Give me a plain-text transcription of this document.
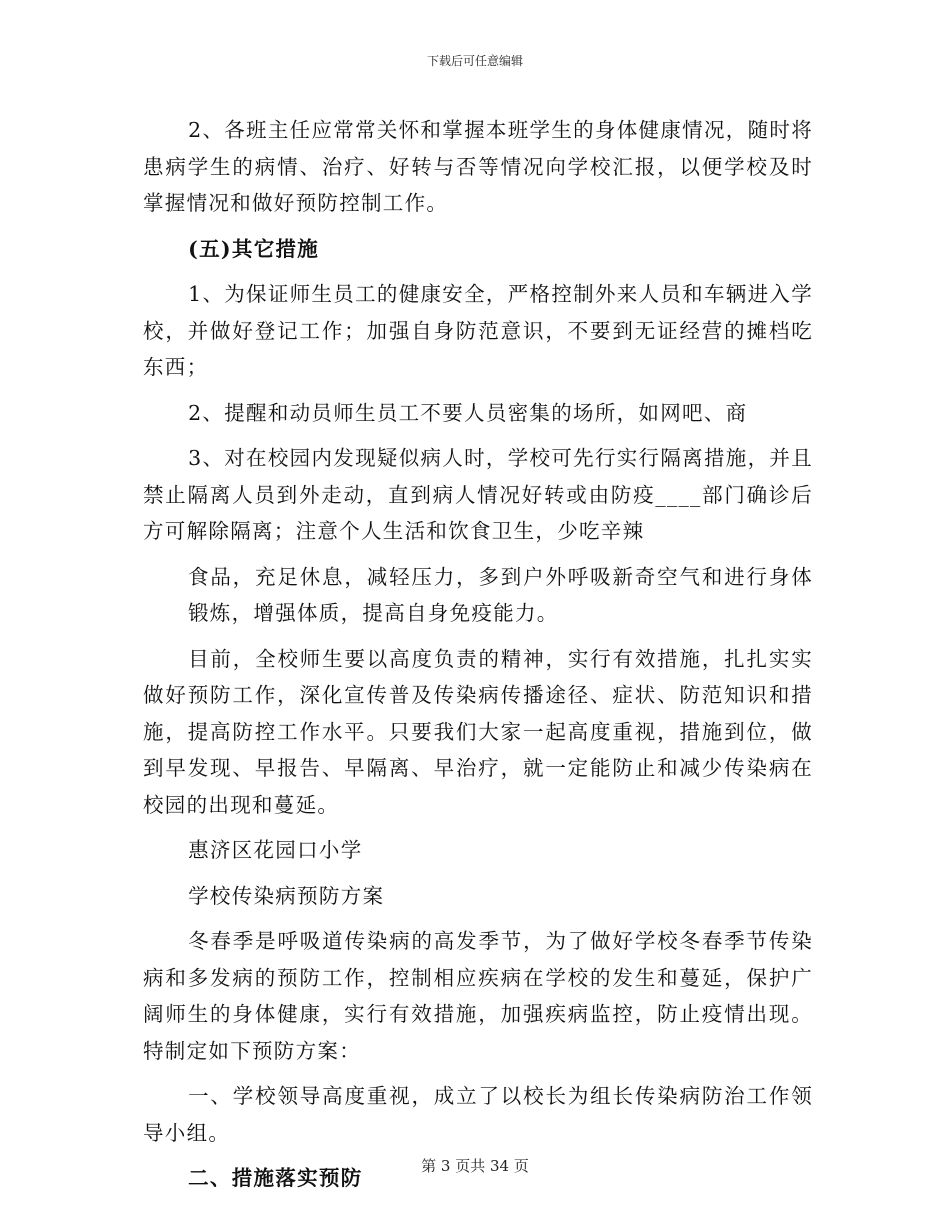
下载后可任意编辑

2、各班主任应常常关怀和掌握本班学生的身体健康情况，随时将患病学生的病情、治疗、好转与否等情况向学校汇报，以便学校及时掌握情况和做好预防控制工作。

(五)其它措施

1、为保证师生员工的健康安全，严格控制外来人员和车辆进入学校，并做好登记工作；加强自身防范意识，不要到无证经营的摊档吃东西；

2、提醒和动员师生员工不要人员密集的场所，如网吧、商

3、对在校园内发现疑似病人时，学校可先行实行隔离措施，并且禁止隔离人员到外走动，直到病人情况好转或由防疫____部门确诊后方可解除隔离；注意个人生活和饮食卫生，少吃辛辣

食品，充足休息，减轻压力，多到户外呼吸新奇空气和进行身体锻炼，增强体质，提高自身免疫能力。

目前，全校师生要以高度负责的精神，实行有效措施，扎扎实实做好预防工作，深化宣传普及传染病传播途径、症状、防范知识和措施，提高防控工作水平。只要我们大家一起高度重视，措施到位，做到早发现、早报告、早隔离、早治疗，就一定能防止和减少传染病在校园的出现和蔓延。

惠济区花园口小学

学校传染病预防方案

冬春季是呼吸道传染病的高发季节，为了做好学校冬春季节传染病和多发病的预防工作，控制相应疾病在学校的发生和蔓延，保护广阔师生的身体健康，实行有效措施，加强疾病监控，防止疫情出现。特制定如下预防方案：

一、学校领导高度重视，成立了以校长为组长传染病防治工作领导小组。

二、措施落实预防	第 3 页共 34 页
